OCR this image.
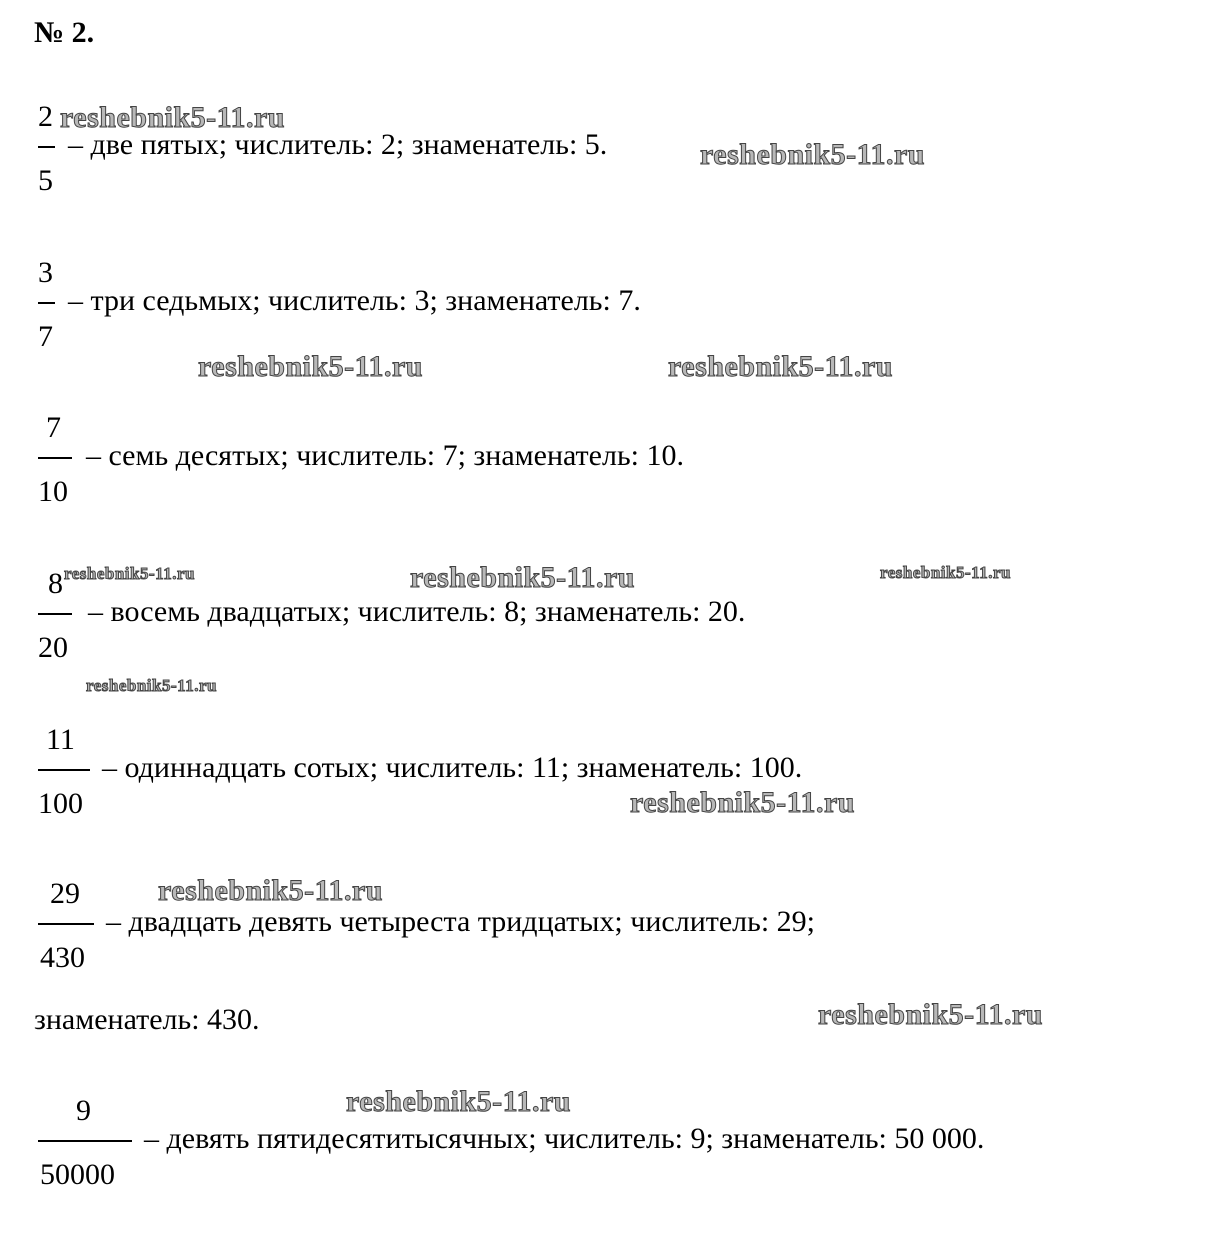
№ 2.
2
5
– две пятых; числитель: 2; знаменатель: 5.
3
7
– три седьмых; числитель: 3; знаменатель: 7.
7
10
– семь десятых; числитель: 7; знаменатель: 10.
8
20
– восемь двадцатых; числитель: 8; знаменатель: 20.
11
100
– одиннадцать сотых; числитель: 11; знаменатель: 100.
29
430
– двадцать девять четыреста тридцатых; числитель: 29;
знаменатель: 430.
9
50000
– девять пятидесятитысячных; числитель: 9; знаменатель: 50 000.
reshebnik5-11.ru
reshebnik5-11.ru
reshebnik5-11.ru	reshebnik5-11.ru
reshebnik5-11.ru	reshebnik5-11.ru	reshebnik5-11.ru
reshebnik5-11.ru
reshebnik5-11.ru
reshebnik5-11.ru
reshebnik5-11.ru
reshebnik5-11.ru
